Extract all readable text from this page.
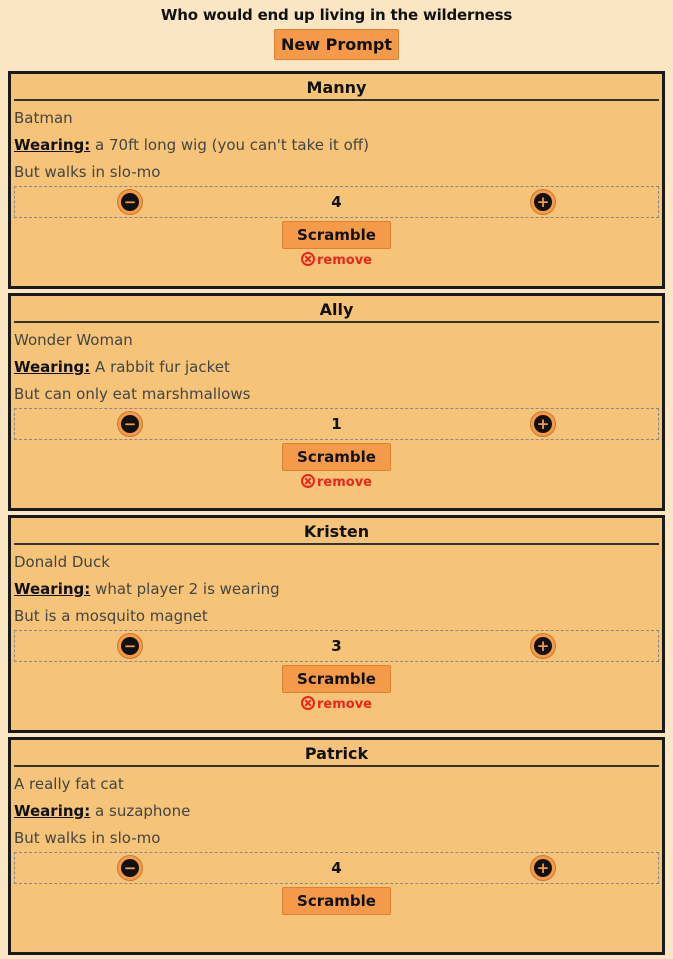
Who would end up living in the wilderness
New Prompt
Manny
Batman
Wearing: a 70ft long wig (you can't take it off)
But walks in slo-mo
−	4	+
Scramble
remove
Ally
Wonder Woman
Wearing: A rabbit fur jacket
But can only eat marshmallows
−	1	+
Scramble
remove
Kristen
Donald Duck
Wearing: what player 2 is wearing
But is a mosquito magnet
−	3	+
Scramble
remove
Patrick
A really fat cat
Wearing: a suzaphone
But walks in slo-mo
−	4	+
Scramble
